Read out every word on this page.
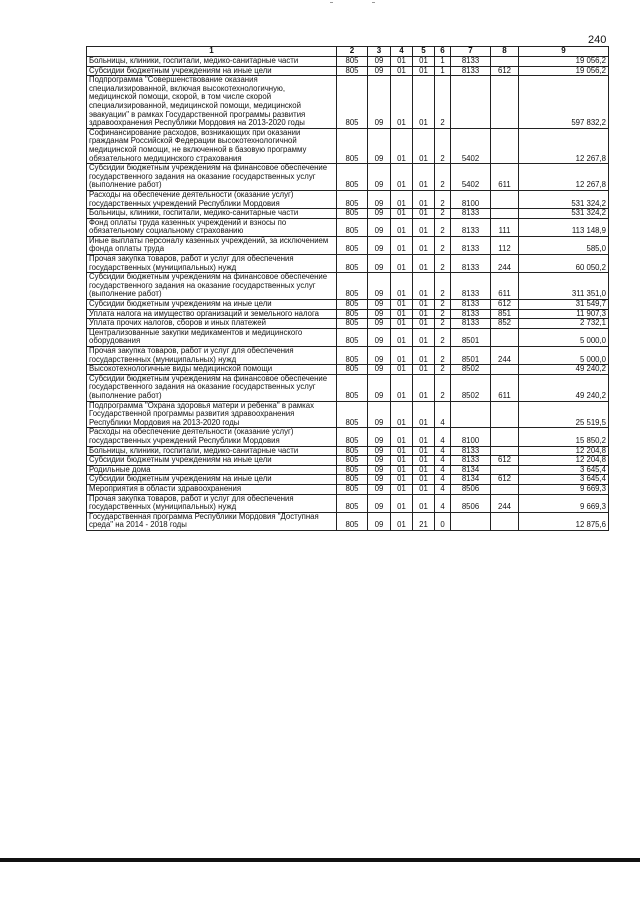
240
1	2	3	4	5	6	7	8	9
Больницы, клиники, госпитали, медико-санитарные части	805	09	01	01	1	8133		19 056,2
Субсидии бюджетным учреждениям на иные цели	805	09	01	01	1	8133	612	19 056,2
Подпрограмма "Совершенствование оказания специализированной, включая высокотехнологичную, медицинской помощи, скорой, в том числе скорой специализированной, медицинской помощи, медицинской эвакуации" в рамках Государственной программы развития здравоохранения Республики Мордовия на 2013-2020 годы	805	09	01	01	2			597 832,2
Софинансирование расходов, возникающих при оказании гражданам Российской Федерации высокотехнологичной медицинской помощи, не включенной в базовую программу обязательного медицинского страхования	805	09	01	01	2	5402		12 267,8
Субсидии бюджетным учреждениям на финансовое обеспечение государственного задания на оказание государственных услуг (выполнение работ)	805	09	01	01	2	5402	611	12 267,8
Расходы на обеспечение деятельности (оказание услуг) государственных учреждений Республики Мордовия	805	09	01	01	2	8100		531 324,2
Больницы, клиники, госпитали, медико-санитарные части	805	09	01	01	2	8133		531 324,2
Фонд оплаты труда казенных учреждений и взносы по обязательному социальному страхованию	805	09	01	01	2	8133	111	113 148,9
Иные выплаты персоналу казенных учреждений, за исключением фонда оплаты труда	805	09	01	01	2	8133	112	585,0
Прочая закупка товаров, работ и услуг для обеспечения государственных (муниципальных) нужд	805	09	01	01	2	8133	244	60 050,2
Субсидии бюджетным учреждениям на финансовое обеспечение государственного задания на оказание государственных услуг (выполнение работ)	805	09	01	01	2	8133	611	311 351,0
Субсидии бюджетным учреждениям на иные цели	805	09	01	01	2	8133	612	31 549,7
Уплата налога на имущество организаций и земельного налога	805	09	01	01	2	8133	851	11 907,3
Уплата прочих налогов, сборов и иных платежей	805	09	01	01	2	8133	852	2 732,1
Централизованные закупки медикаментов и медицинского оборудования	805	09	01	01	2	8501		5 000,0
Прочая закупка товаров, работ и услуг для обеспечения государственных (муниципальных) нужд	805	09	01	01	2	8501	244	5 000,0
Высокотехнологичные виды медицинской помощи	805	09	01	01	2	8502		49 240,2
Субсидии бюджетным учреждениям на финансовое обеспечение государственного задания на оказание государственных услуг (выполнение работ)	805	09	01	01	2	8502	611	49 240,2
Подпрограмма "Охрана здоровья матери и ребенка" в рамках Государственной программы развития здравоохранения Республики Мордовия на 2013-2020 годы	805	09	01	01	4			25 519,5
Расходы на обеспечение деятельности (оказание услуг) государственных учреждений Республики Мордовия	805	09	01	01	4	8100		15 850,2
Больницы, клиники, госпитали, медико-санитарные части	805	09	01	01	4	8133		12 204,8
Субсидии бюджетным учреждениям на иные цели	805	09	01	01	4	8133	612	12 204,8
Родильные дома	805	09	01	01	4	8134		3 645,4
Субсидии бюджетным учреждениям на иные цели	805	09	01	01	4	8134	612	3 645,4
Мероприятия в области здравоохранения	805	09	01	01	4	8506		9 669,3
Прочая закупка товаров, работ и услуг для обеспечения государственных (муниципальных) нужд	805	09	01	01	4	8506	244	9 669,3
Государственная программа Республики Мордовия "Доступная среда" на 2014 - 2018 годы	805	09	01	21	0			12 875,6
